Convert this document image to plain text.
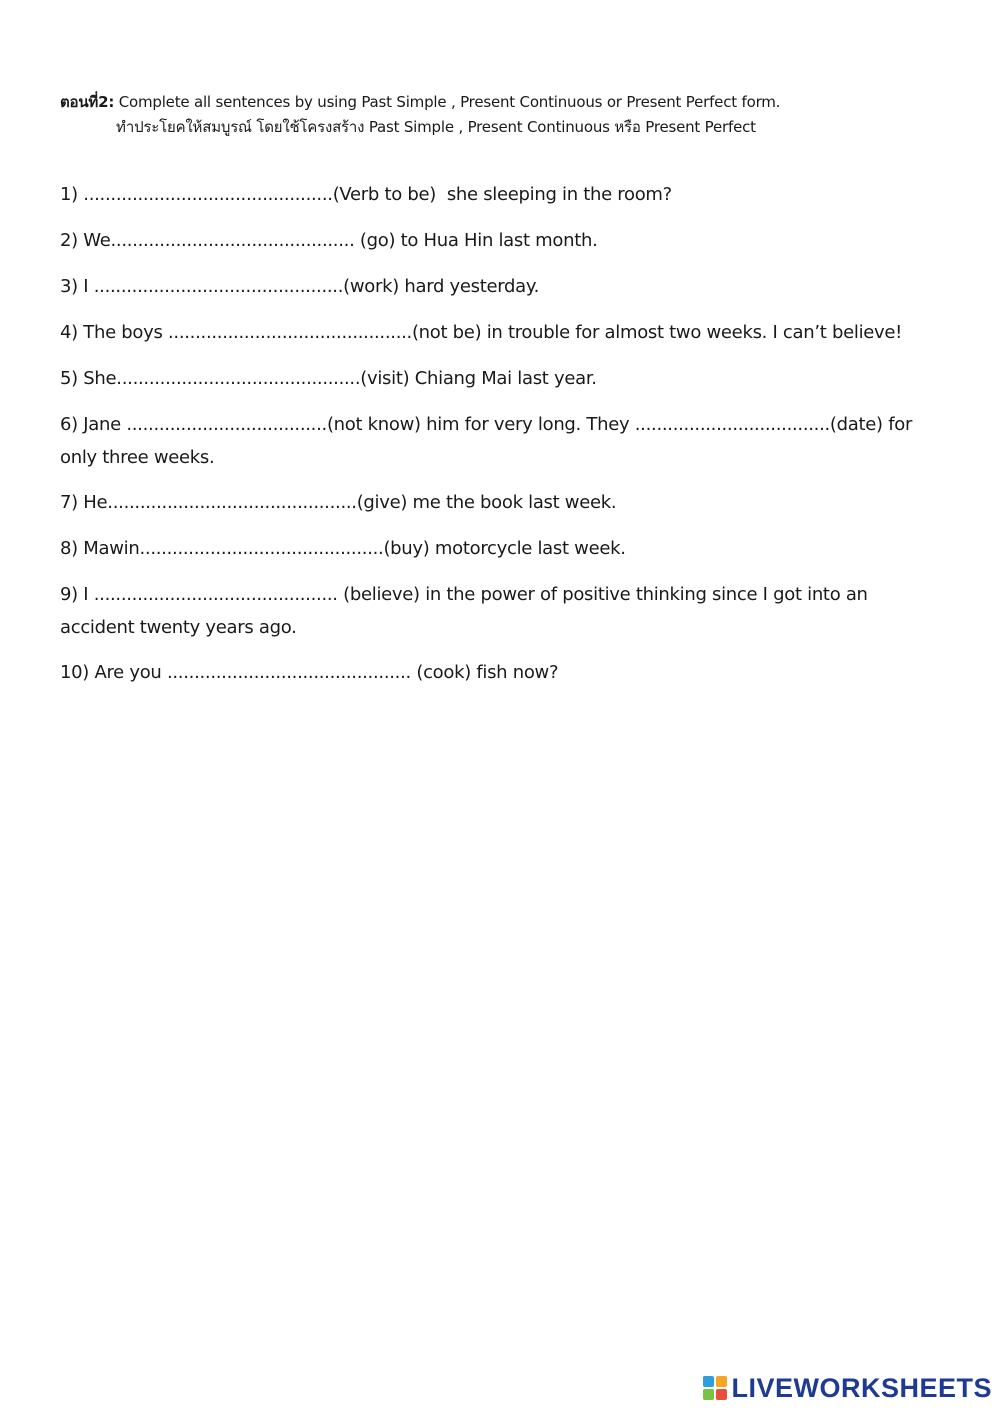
ตอนที่2: Complete all sentences by using Past Simple , Present Continuous or Present Perfect form.
ทำประโยคให้สมบูรณ์ โดยใช้โครงสร้าง Past Simple , Present Continuous หรือ Present Perfect
1) ..............................................(Verb to be)  she sleeping in the room?
2) We............................................. (go) to Hua Hin last month.
3) I ..............................................(work) hard yesterday.
4) The boys .............................................(not be) in trouble for almost two weeks. I can’t believe!
5) She.............................................(visit) Chiang Mai last year.
6) Jane .....................................(not know) him for very long. They ....................................(date) for only three weeks.
7) He..............................................(give) me the book last week.
8) Mawin.............................................(buy) motorcycle last week.
9) I ............................................. (believe) in the power of positive thinking since I got into an accident twenty years ago.
10) Are you ............................................. (cook) fish now?
LIVEWORKSHEETS
